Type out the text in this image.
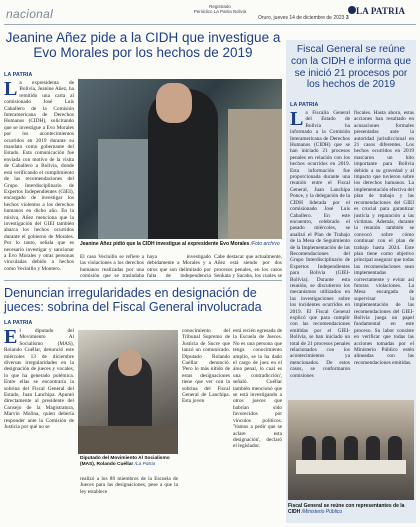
nacional
Registrado
Periódico La Patria Bolivia
Oruro, jueves 14 de diciembre de 2023 3
LA PATRIA
Jeanine Añez pide a la CIDH que investigue a Evo Morales por los hechos de 2019
LA PATRIA
La expresidenta de Bolivia, Jeanine Añez, ha remitido una carta al comisionado José Luis Caballero de la Comisión Interamericana de Derechos Humanos (CIDH), solicitando que se investigue a Evo Morales por los acontecimientos ocurridos en 2019 durante su mandato como gobernante del Estado. Esta comunicación fue enviada con motivo de la visita de Caballero a Bolivia, donde está verificando el cumplimiento de las recomendaciones del Grupo Interdisciplinario de Expertos Independientes (GIEI), encargado de investigar los hechos violentos a los derechos humanos en dicho año. En la misiva, Añez menciona que la investigación del GIEI también abarca los hechos ocurridos durante el gobierno de Morales. Por lo tanto, señala que es necesario investigar y sancionar a Evo Morales y otras personas vinculadas debido a hechos como Vecinillo y Montero.
Jeanine Añez pidió que la CIDH investigue al expresidente Evo Morales /Foto archivo
El caso Vecinillo se refiere a las violaciones a los derechos humanos realizadas por una comisión que se trasladaba
haya investigado debidamente a Morales y a otros que son delimitado por falta de independencia
Cabe destacar que actualmente, Añez está siendo por dos procesos penales, en los casos Senkata y Sacaba, los cuales se
Fiscal General se reúne con la CIDH e informa que se inició 21 procesos por los hechos de 2019
LA PATRIA
La Fiscalía General del Estado de Bolivia ha informado a la Comisión Interamericana de Derechos Humanos (CIDH) que se han iniciado 21 procesos penales en relación con los hechos ocurridos en 2019. Esta información fue proporcionada durante una reunión entre el Fiscal General, Juan Lanchipa Ponce, y la delegación de la CIDH liderada por el comisionado José Luis Caballero. En este encuentro, celebrado el pasado miércoles, se analizó el Plan de Trabajo de la Mesa de Seguimiento de la Implementación de las Recomendaciones del Grupo Interdisciplinario de Expertos Independientes para Bolivia (GIEI-Bolivia). Durante esta reunión, se discutieron los mecanismos utilizados en las investigaciones sobre los incidentes ocurridos en 2019. El Fiscal General explicó que para cumplir con las recomendaciones emitidas por el GIEI-Bolivia, se han iniciado un total de 21 procesos penales relacionados con los acontecimientos ya mencionados. De estos casos, se conformaron comisiones
fiscales. Hasta ahora, estas acciones han resultado en acusaciones formales presentadas ante la autoridad jurisdiccional en 21 casos diferentes. Los hechos ocurridos en 2019 marcaron un hito importante para Bolivia debido a su gravedad y al impacto que tuvieron sobre los derechos humanos. La implementación efectiva del plan de trabajo y las recomendaciones del GIEI es crucial para garantizar justicia y reparación a las víctimas. Además, durante la reunión también se convocó sobre cómo continuar con el plan de trabajo hasta 2024. Este plan tiene como objetivo principal asegurar que todas las recomendaciones sean implementadas correctamente y evitar así futuras violaciones. La Mesa encargada de supervisar la implementación de las recomendaciones del GIEI-Bolivia juega un papel fundamental en este proceso. Su labor consiste en verificar que todas las acciones tomadas por el Ministerio Público estén alineadas con las recomendaciones emitidas.
Fiscal General se reúne con representantes de la CIDH /Ministerio Público
Denuncian irregularidades en designación de jueces: sobrina del Fiscal General involucrada
LA PATRIA
El diputado del Movimiento Al Socialismo (MAS), Rolando Cuéllar, denunció este miércoles 13 de diciembre diversas irregularidades en la designación de jueces y vocales, lo que ha generado polémica. Entre ellas se encontraría la sobrina del Fiscal General del Estado, Juan Lanchipa. Apuntó directamente al presidente del Consejo de la Magistratura, Marvin Molina, quien debería responder ante la Comisión de Justicia por qué no se
Diputado del Movimiento Al Socialismo (MAS), Rolando Cuéllar /La Patria
realizó a los 80 miembros de la Escuela de Jueces para las designaciones, pese a que la ley establece
conocimiento del Tribunal Supremo de Justicia de Sucre que lanzó un comunicado. Diputado Rolando Cuéllar denunció. 'Pero lo más nítido de estas designaciones tiene que ver con la sobrina del Fiscal General de Lanchipa. Esta joven
está recién egresada de la Escuela de Jueces. No es una persona que tenga conocimiento amplio, se la ha dado el cargo de juez en el área penal, lo cual es una contradicción', señaló. Cuéllar también mencionó que se está investigando a otros jueces que habrían sido favorecidos por vínculos políticos. 'Vamos a pedir que se aclare esta designación', declaró el legislador.
